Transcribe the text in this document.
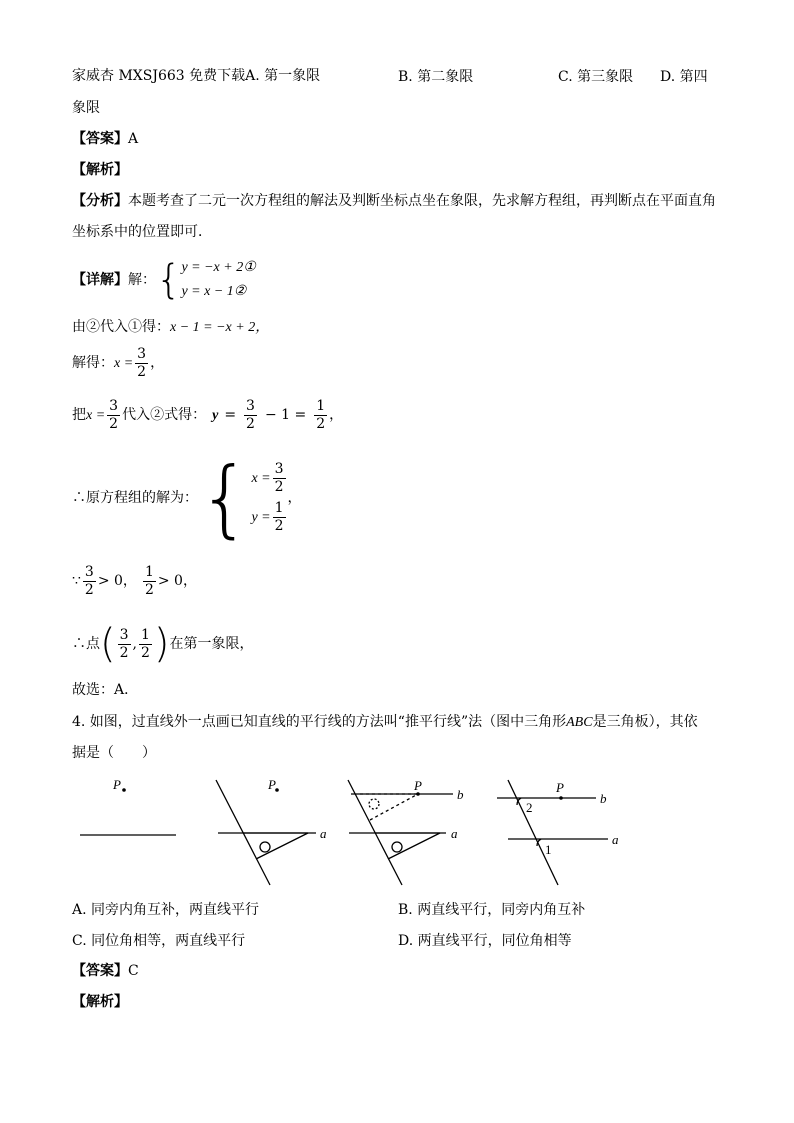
家威杏 MXSJ663 免费下载A. 第一象限	B. 第二象限	C. 第三象限 D. 第四
象限
【答案】A
【解析】
【分析】本题考查了二元一次方程组的解法及判断坐标点坐在象限，先求解方程组，再判断点在平面直角
坐标系中的位置即可．
【详解】解：{ y = −x + 2①
y = x − 1②
由②代入①得：x − 1 = −x + 2，
解得：$x = \frac{3}{2}$ ，
把$x = \frac{3}{2}$ 代入②式得： $y = \frac{3}{2} - 1 = \frac{1}{2}$ ，
∴原方程组的解为：{ $x = \frac{3}{2}$
$y = \frac{1}{2}$
，
∵ $\frac{3}{2} > 0$， $\frac{1}{2} > 0$，
∴点( $\frac{3}{2}$ , $\frac{1}{2}$ )在第一象限，
故选：A．
4. 如图，过直线外一点画已知直线的平行线的方法叫“推平行线”法（图中三角形ABC是三角板），其依
据是（　　）
P	P
a
P
b
a
P
b
a
2
1
A. 同旁内角互补，两直线平行	B. 两直线平行，同旁内角互补
C. 同位角相等，两直线平行	D. 两直线平行，同位角相等
【答案】C
【解析】
